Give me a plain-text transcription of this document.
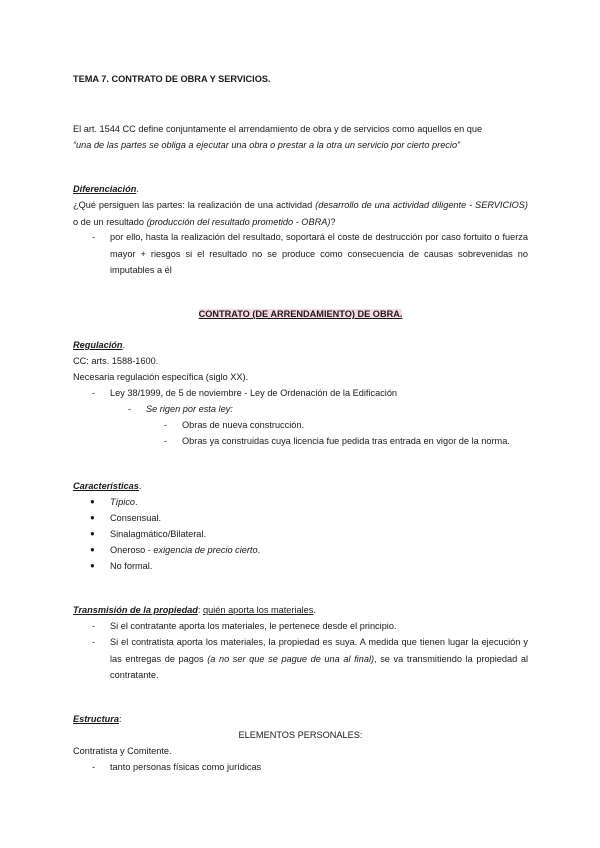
TEMA 7. CONTRATO DE OBRA Y SERVICIOS.
El art. 1544 CC define conjuntamente el arrendamiento de obra y de servicios como aquellos en que
“una de las partes se obliga a ejecutar una obra o prestar a la otra un servicio por cierto precio”
Diferenciación.
¿Qué persiguen las partes: la realización de una actividad (desarrollo de una actividad diligente - SERVICIOS) o de un resultado (producción del resultado prometido - OBRA)?
- por ello, hasta la realización del resultado, soportará el coste de destrucción por caso fortuito o fuerza mayor + riesgos si el resultado no se produce como consecuencia de causas sobrevenidas no imputables a él
CONTRATO (DE ARRENDAMIENTO) DE OBRA.
Regulación.
CC: arts. 1588-1600.
Necesaria regulación específica (siglo XX).
- Ley 38/1999, de 5 de noviembre - Ley de Ordenación de la Edificación
- Se rigen por esta ley:
- Obras de nueva construcción.
- Obras ya construidas cuya licencia fue pedida tras entrada en vigor de la norma.
Características.
● Típico.
● Consensual.
● Sinalagmático/Bilateral.
● Oneroso - exigencia de precio cierto.
● No formal.
Transmisión de la propiedad: quién aporta los materiales.
- Si el contratante aporta los materiales, le pertenece desde el principio.
- Si el contratista aporta los materiales, la propiedad es suya. A medida que tienen lugar la ejecución y las entregas de pagos (a no ser que se pague de una al final), se va transmitiendo la propiedad al contratante.
Estructura:
ELEMENTOS PERSONALES:
Contratista y Comitente.
- tanto personas físicas como jurídicas
